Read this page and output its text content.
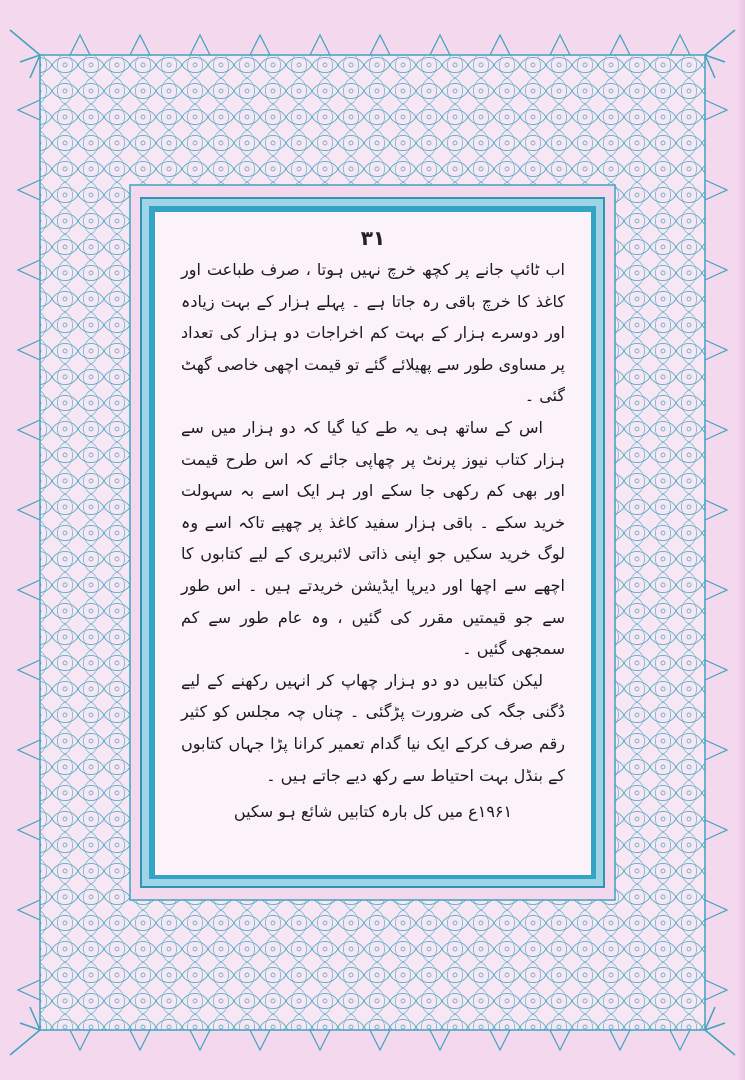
۳۱

اب ٹائپ جانے پر کچھ خرچ نہیں ہوتا ، صرف طباعت اور کاغذ کا خرچ باقی رہ جاتا ہے ۔ پہلے ہزار کے بہت زیادہ اور دوسرے ہزار کے بہت کم اخراجات دو ہزار کی تعداد پر مساوی طور سے پھیلائے گئے تو قیمت اچھی خاصی گھٹ گئی ۔

اس کے ساتھ ہی یہ طے کیا گیا کہ دو ہزار میں سے ہزار کتاب نیوز پرنٹ پر چھاپی جائے کہ اس طرح قیمت اور بھی کم رکھی جا سکے اور ہر ایک اسے بہ سہولت خرید سکے ۔ باقی ہزار سفید کاغذ پر چھپے تاکہ اسے وہ لوگ خرید سکیں جو اپنی ذاتی لائبریری کے لیے کتابوں کا اچھے سے اچھا اور دیرپا ایڈیشن خریدتے ہیں ۔ اس طور سے جو قیمتیں مقرر کی گئیں ، وہ عام طور سے کم سمجھی گئیں ۔

لیکن کتابیں دو دو ہزار چھاپ کر انہیں رکھنے کے لیے دُگنی جگہ کی ضرورت پڑگئی ۔ چناں چہ مجلس کو کثیر رقم صرف کرکے ایک نیا گدام تعمیر کرانا پڑا جہاں کتابوں کے بنڈل بہت احتیاط سے رکھ دیے جاتے ہیں ۔

۱۹۶۱ع میں کل بارہ کتابیں شائع ہو سکیں
